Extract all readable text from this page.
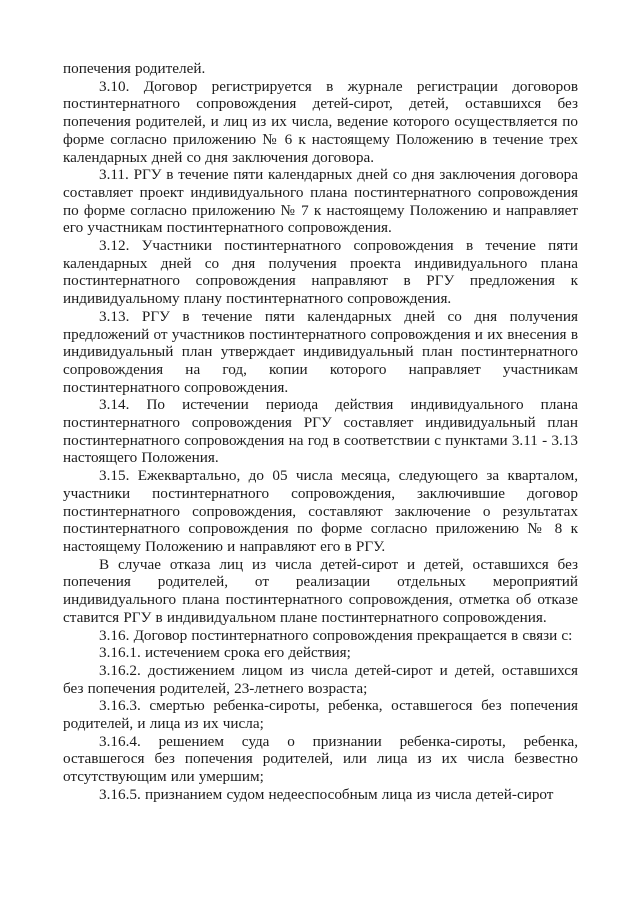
попечения родителей.

3.10. Договор регистрируется в журнале регистрации договоров постинтернатного сопровождения детей-сирот, детей, оставшихся без попечения родителей, и лиц из их числа, ведение которого осуществляется по форме согласно приложению № 6 к настоящему Положению в течение трех календарных дней со дня заключения договора.

3.11. РГУ в течение пяти календарных дней со дня заключения договора составляет проект индивидуального плана постинтернатного сопровождения по форме согласно приложению № 7 к настоящему Положению и направляет его участникам постинтернатного сопровождения.

3.12. Участники постинтернатного сопровождения в течение пяти календарных дней со дня получения проекта индивидуального плана постинтернатного сопровождения направляют в РГУ предложения к индивидуальному плану постинтернатного сопровождения.

3.13. РГУ в течение пяти календарных дней со дня получения предложений от участников постинтернатного сопровождения и их внесения в индивидуальный план утверждает индивидуальный план постинтернатного сопровождения на год, копии которого направляет участникам постинтернатного сопровождения.

3.14. По истечении периода действия индивидуального плана постинтернатного сопровождения РГУ составляет индивидуальный план постинтернатного сопровождения на год в соответствии с пунктами 3.11 - 3.13 настоящего Положения.

3.15. Ежеквартально, до 05 числа месяца, следующего за кварталом, участники постинтернатного сопровождения, заключившие договор постинтернатного сопровождения, составляют заключение о результатах постинтернатного сопровождения по форме согласно приложению № 8 к настоящему Положению и направляют его в РГУ.

В случае отказа лиц из числа детей-сирот и детей, оставшихся без попечения родителей, от реализации отдельных мероприятий индивидуального плана постинтернатного сопровождения, отметка об отказе ставится РГУ в индивидуальном плане постинтернатного сопровождения.

3.16. Договор постинтернатного сопровождения прекращается в связи с:

3.16.1. истечением срока его действия;

3.16.2. достижением лицом из числа детей-сирот и детей, оставшихся без попечения родителей, 23-летнего возраста;

3.16.3. смертью ребенка-сироты, ребенка, оставшегося без попечения родителей, и лица из их числа;

3.16.4. решением суда о признании ребенка-сироты, ребенка, оставшегося без попечения родителей, или лица из их числа безвестно отсутствующим или умершим;

3.16.5. признанием судом недееспособным лица из числа детей-сирот
